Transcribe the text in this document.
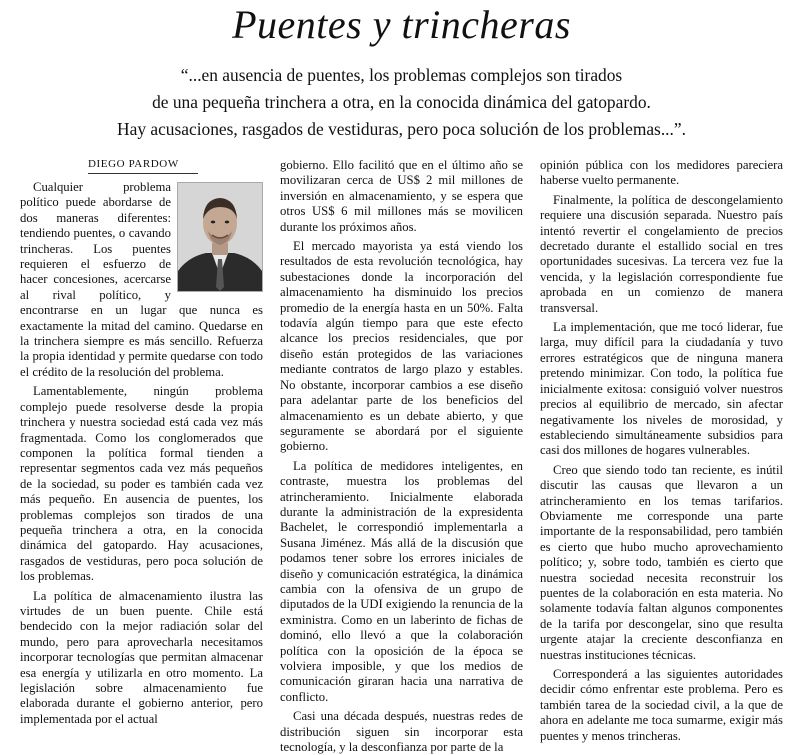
Puentes y trincheras
“...en ausencia de puentes, los problemas complejos son tirados
de una pequeña trinchera a otra, en la conocida dinámica del gatopardo.
Hay acusaciones, rasgados de vestiduras, pero poca solución de los problemas...”.
DIEGO PARDOW

Cualquier problema político puede abordarse de dos maneras diferentes: tendiendo puentes, o cavando trincheras. Los puentes requieren el esfuerzo de hacer concesiones, acercarse al rival político, y encontrarse en un lugar que nunca es exactamente la mitad del camino. Quedarse en la trinchera siempre es más sencillo. Refuerza la propia identidad y permite quedarse con todo el crédito de la resolución del problema.

Lamentablemente, ningún problema complejo puede resolverse desde la propia trinchera y nuestra sociedad está cada vez más fragmentada. Como los conglomerados que componen la política formal tienden a representar segmentos cada vez más pequeños de la sociedad, su poder es también cada vez más pequeño. En ausencia de puentes, los problemas complejos son tirados de una pequeña trinchera a otra, en la conocida dinámica del gatopardo. Hay acusaciones, rasgados de vestiduras, pero poca solución de los problemas.

La política de almacenamiento ilustra las virtudes de un buen puente. Chile está bendecido con la mejor radiación solar del mundo, pero para aprovecharla necesitamos incorporar tecnologías que permitan almacenar esa energía y utilizarla en otro momento. La legislación sobre almacenamiento fue elaborada durante el gobierno anterior, pero implementada por el actual

gobierno. Ello facilitó que en el último año se movilizaran cerca de US$ 2 mil millones de inversión en almacenamiento, y se espera que otros US$ 6 mil millones más se movilicen durante los próximos años.

El mercado mayorista ya está viendo los resultados de esta revolución tecnológica, hay subestaciones donde la incorporación del almacenamiento ha disminuido los precios promedio de la energía hasta en un 50%. Falta todavía algún tiempo para que este efecto alcance los precios residenciales, que por diseño están protegidos de las variaciones mediante contratos de largo plazo y estables. No obstante, incorporar cambios a ese diseño para adelantar parte de los beneficios del almacenamiento es un debate abierto, y que seguramente se abordará por el siguiente gobierno.

La política de medidores inteligentes, en contraste, muestra los problemas del atrincheramiento. Inicialmente elaborada durante la administración de la expresidenta Bachelet, le correspondió implementarla a Susana Jiménez. Más allá de la discusión que podamos tener sobre los errores iniciales de diseño y comunicación estratégica, la dinámica cambia con la ofensiva de un grupo de diputados de la UDI exigiendo la renuncia de la exministra. Como en un laberinto de fichas de dominó, ello llevó a que la colaboración política con la oposición de la época se volviera imposible, y que los medios de comunicación giraran hacia una narrativa de conflicto.

Casi una década después, nuestras redes de distribución siguen sin incorporar esta tecnología, y la desconfianza por parte de la

opinión pública con los medidores pareciera haberse vuelto permanente.

Finalmente, la política de descongelamiento requiere una discusión separada. Nuestro país intentó revertir el congelamiento de precios decretado durante el estallido social en tres oportunidades sucesivas. La tercera vez fue la vencida, y la legislación correspondiente fue aprobada en un comienzo de manera transversal.

La implementación, que me tocó liderar, fue larga, muy difícil para la ciudadanía y tuvo errores estratégicos que de ninguna manera pretendo minimizar. Con todo, la política fue inicialmente exitosa: consiguió volver nuestros precios al equilibrio de mercado, sin afectar negativamente los niveles de morosidad, y estableciendo simultáneamente subsidios para casi dos millones de hogares vulnerables.

Creo que siendo todo tan reciente, es inútil discutir las causas que llevaron a un atrincheramiento en los temas tarifarios. Obviamente me corresponde una parte importante de la responsabilidad, pero también es cierto que hubo mucho aprovechamiento político; y, sobre todo, también es cierto que nuestra sociedad necesita reconstruir los puentes de la colaboración en esta materia. No solamente todavía faltan algunos componentes de la tarifa por descongelar, sino que resulta urgente atajar la creciente desconfianza en nuestras instituciones técnicas.

Corresponderá a las siguientes autoridades decidir cómo enfrentar este problema. Pero es también tarea de la sociedad civil, a la que de ahora en adelante me toca sumarme, exigir más puentes y menos trincheras.
